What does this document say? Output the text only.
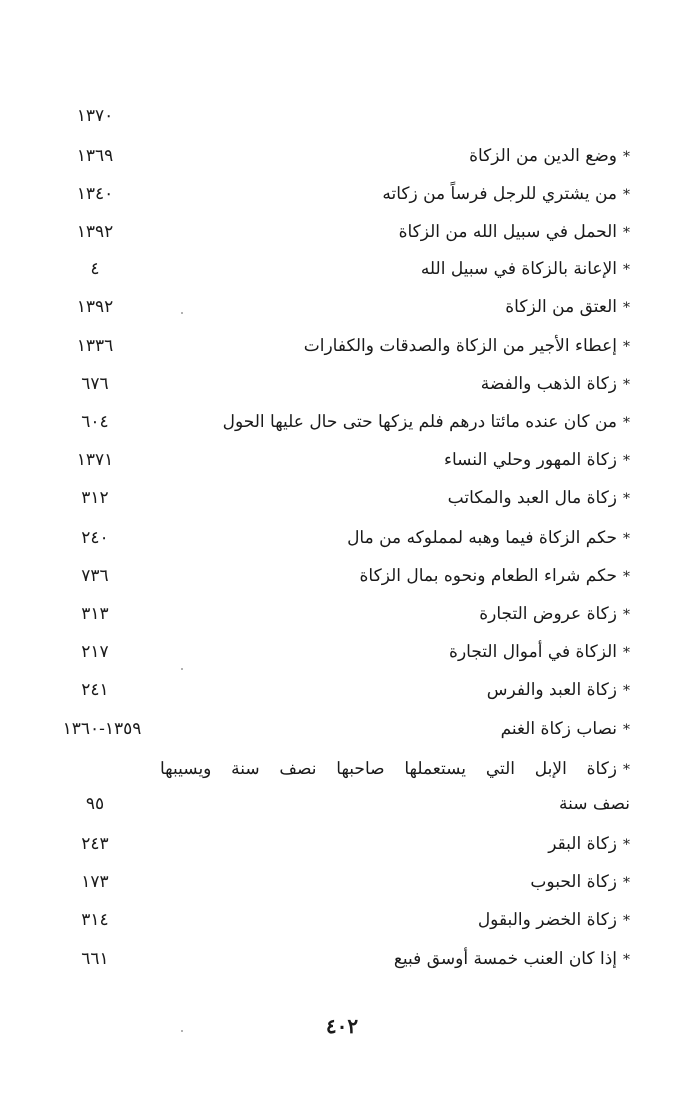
١٣٧٠
*وضع الدين من الزكاة
١٣٦٩
*من يشتري للرجل فرساً من زكاته
١٣٤٠
*الحمل في سبيل الله من الزكاة
١٣٩٢
*الإعانة بالزكاة في سبيل الله
٤
*العتق من الزكاة
١٣٩٢
*إعطاء الأجير من الزكاة والصدقات والكفارات
١٣٣٦
*زكاة الذهب والفضة
٦٧٦
*من كان عنده مائتا درهم فلم يزكها حتى حال عليها الحول
٦٠٤
*زكاة المهور وحلي النساء
١٣٧١
*زكاة مال العبد والمكاتب
٣١٢
*حكم الزكاة فيما وهبه لمملوكه من مال
٢٤٠
*حكم شراء الطعام ونحوه بمال الزكاة
٧٣٦
*زكاة عروض التجارة
٣١٣
*الزكاة في أموال التجارة
٢١٧
*زكاة العبد والفرس
٢٤١
*نصاب زكاة الغنم
١٣٥٩-١٣٦٠
*زكاة الإبل التي يستعملها صاحبها نصف سنة ويسيبها
نصف سنة
٩٥
*زكاة البقر
٢٤٣
*زكاة الحبوب
١٧٣
*زكاة الخضر والبقول
٣١٤
*إذا كان العنب خمسة أوسق فبيع
٦٦١
٤٠٢
